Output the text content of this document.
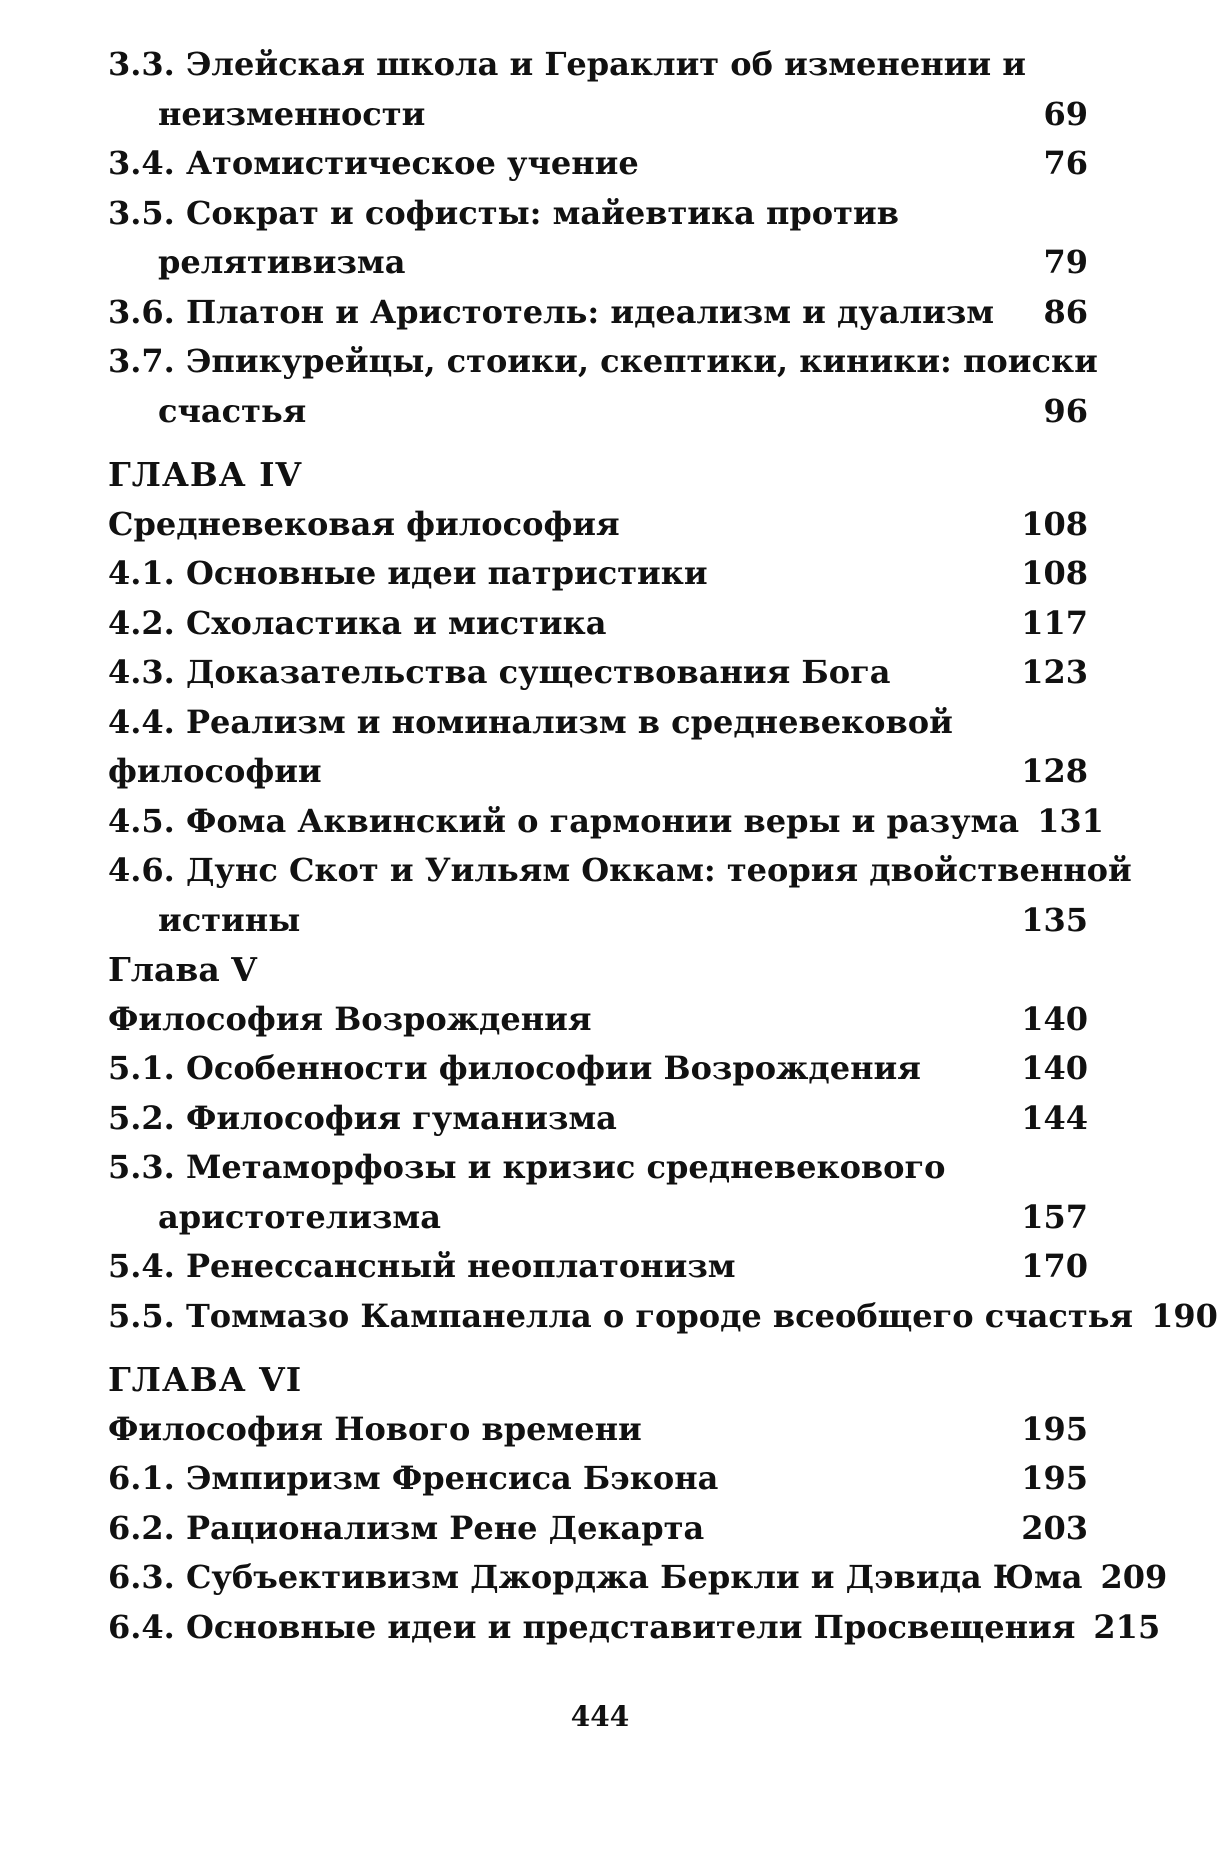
3.3. Элейская школа и Гераклит об изменении и
неизменности	69
3.4. Атомистическое учение	76
3.5. Сократ и софисты: майевтика против
релятивизма	79
3.6. Платон и Аристотель: идеализм и дуализм 86
3.7. Эпикурейцы, стоики, скептики, киники: поиски
счастья	96
ГЛАВА IV
Средневековая философия	108
4.1. Основные идеи патристики	108
4.2. Схоластика и мистика	117
4.3. Доказательства существования Бога	123
4.4. Реализм и номинализм в средневековой
философии	128
4.5. Фома Аквинский о гармонии веры и разума 131
4.6. Дунс Скот и Уильям Оккам: теория двойственной
истины	135
Глава V
Философия Возрождения	140
5.1. Особенности философии Возрождения	140
5.2. Философия гуманизма	144
5.3. Метаморфозы и кризис средневекового
аристотелизма	157
5.4. Ренессансный неоплатонизм	170
5.5. Томмазо Кампанелла о городе всеобщего счастья 190
ГЛАВА VI
Философия Нового времени	195
6.1. Эмпиризм Френсиса Бэкона	195
6.2. Рационализм Рене Декарта	203
6.3. Субъективизм Джорджа Беркли и Дэвида Юма 209
6.4. Основные идеи и представители Просвещения 215
444
